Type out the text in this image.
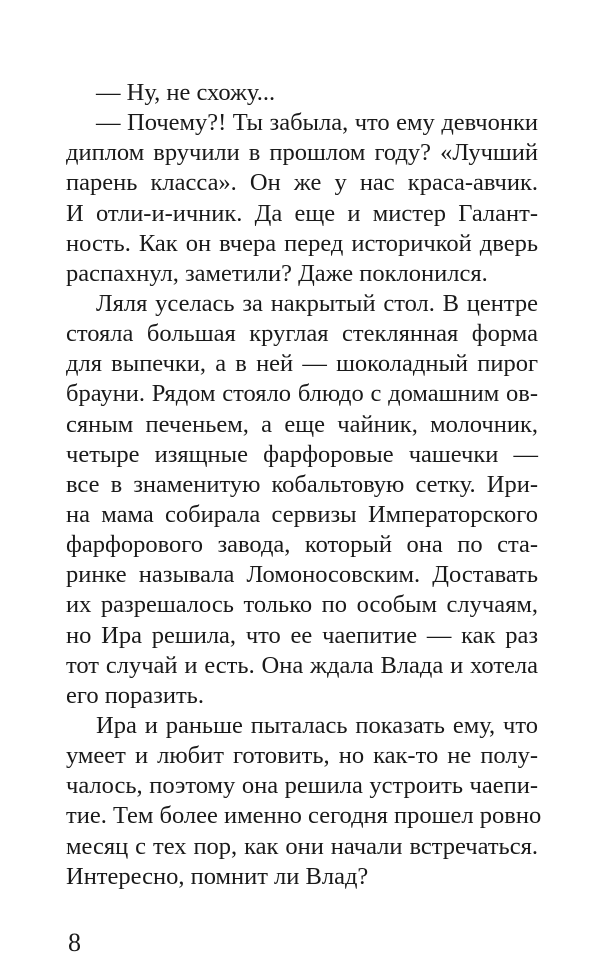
— Ну, не схожу...
— Почему?! Ты забыла, что ему девчонки
диплом вручили в прошлом году? «Лучший
парень класса». Он же у нас краса-авчик.
И отли-и-ичник. Да еще и мистер Галант-
ность. Как он вчера перед историчкой дверь
распахнул, заметили? Даже поклонился.
Ляля уселась за накрытый стол. В центре
стояла большая круглая стеклянная форма
для выпечки, а в ней — шоколадный пирог
брауни. Рядом стояло блюдо с домашним ов-
сяным печеньем, а еще чайник, молочник,
четыре изящные фарфоровые чашечки —
все в знаменитую кобальтовую сетку. Ири-
на мама собирала сервизы Императорского
фарфорового завода, который она по ста-
ринке называла Ломоносовским. Доставать
их разрешалось только по особым случаям,
но Ира решила, что ее чаепитие — как раз
тот случай и есть. Она ждала Влада и хотела
его поразить.
Ира и раньше пыталась показать ему, что
умеет и любит готовить, но как-то не полу-
чалось, поэтому она решила устроить чаепи-
тие. Тем более именно сегодня прошел ровно
месяц с тех пор, как они начали встречаться.
Интересно, помнит ли Влад?
8
